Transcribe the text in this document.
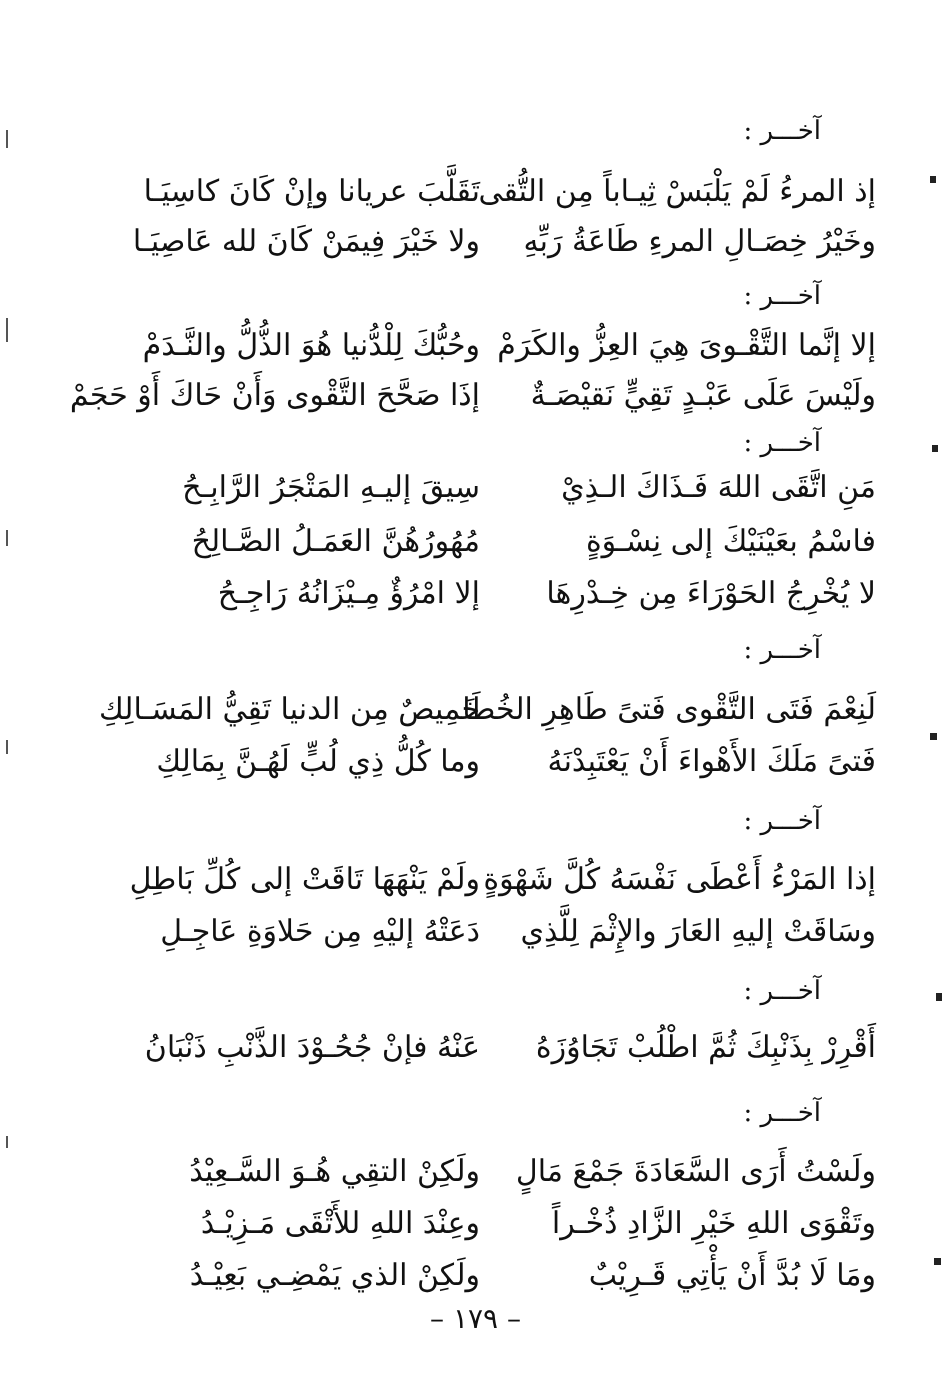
آخـــر :
إذ المرءُ لَمْ يَلْبَسْ ثِيـاباً مِن التُّقى
تَقَلَّبَ عريانا وإنْ كَانَ كاسِيَـا
وخَيْرُ خِصَـالِ المرءِ طَاعَةُ رَبِّهِ
ولا خَيْرَ فِيمَنْ كَانَ لله عَاصِيَـا
آخـــر :
إلا إنَّما التَّقْـوىَ هِيَ العِزُّ والكَرَمْ
وحُبُّكَ لِلْدُّنيا هُوَ الذُّلُّ والنَّـدَمْ
ولَيْسَ عَلَى عَبْـدٍ تَقِيٍّ نَقيْصَـةٌ
إذَا صَحَّحَ التَّقْوى وَأَنْ حَاكَ أَوْ حَجَمْ
آخـــر :
مَنِ اتَّقَى اللهَ فَـذَاكَ الـذِيْ
سِيقَ إليـهِ المَتْجَرُ الرَّابِـحُ
فاسْمُ بعَيْنَيْكَ إلى نِسْـوَةٍ
مُهُورُهُنَّ العَمَـلُ الصَّـالِحُ
لا يُخْرِجُ الحَوْرَاءَ مِن خِـدْرِهَا
إلا امْرُؤٌ مِـيْزَانُهُ رَاجِـحُ
آخـــر :
لَنِعْمَ فَتَى التَّقْوى فَتىً طَاهِرِ الخُطَا
خَمِيصٌ مِن الدنيا تَقِيُّ المَسَـالِكِ
فَتىً مَلَكَ الأَهْواءَ أَنْ يَعْتَبِدْنَهُ
وما كُلُّ ذِي لُبٍّ لَهُـنَّ بِمَالِكِ
آخـــر :
إذا المَرْءُ أَعْطَى نَفْسَهُ كُلَّ شَهْوَةٍ
ولَمْ يَنْهَهَا تَاقَتْ إلى كُلِّ بَاطِلِ
وسَاقَتْ إليهِ العَارَ والإِثْمَ لِلَّذِي
دَعَتْهُ إليْهِ مِن حَلاوَةِ عَاجِـلِ
آخـــر :
أَقْرِرْ بِذَنْبِكَ ثُمَّ اطْلُبْ تَجَاوُزَهُ
عَنْهُ فإنْ جُحُـوْدَ الذَّنْبِ ذَنْبَانُ
آخـــر :
ولَسْتُ أَرَى السَّعَادَةَ جَمْعَ مَالٍ
ولَكِنْ التقِي هُـوَ السَّـعِيْدُ
وتَقْوَى اللهِ خَيْرِ الزَّادِ ذُخْـراً
وعِنْدَ اللهِ للأَتْقَى مَـزِيْـدُ
ومَا لَا بُدَّ أَنْ يَأْتِي قَـرِيْبٌ
ولَكِنْ الذي يَمْضِـي بَعِيْـدُ
– ١٧٩ –
